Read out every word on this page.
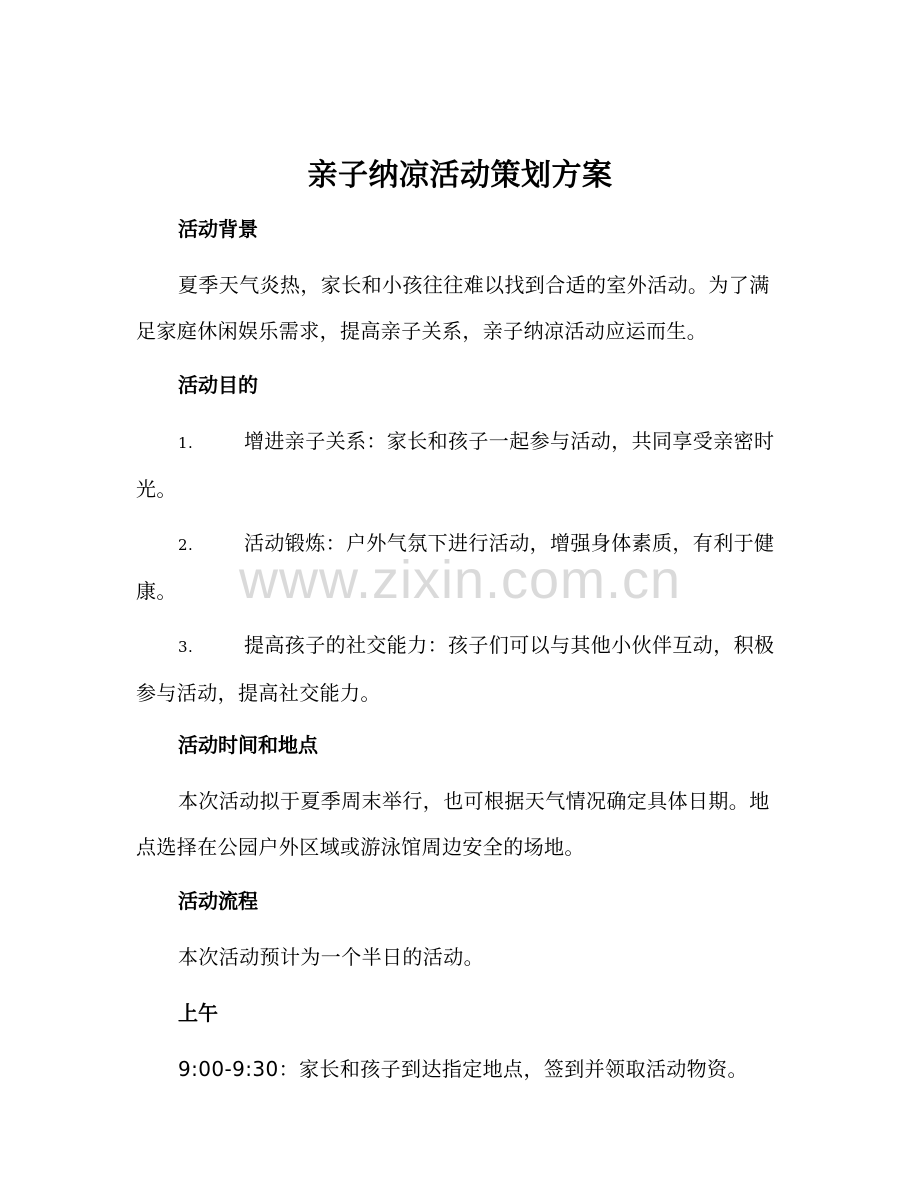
亲子纳凉活动策划方案
活动背景
夏季天气炎热，家长和小孩往往难以找到合适的室外活动。为了满足家庭休闲娱乐需求，提高亲子关系，亲子纳凉活动应运而生。
活动目的
1.	增进亲子关系：家长和孩子一起参与活动，共同享受亲密时光。
2.	活动锻炼：户外气氛下进行活动，增强身体素质，有利于健康。
3.	提高孩子的社交能力：孩子们可以与其他小伙伴互动，积极参与活动，提高社交能力。
活动时间和地点
本次活动拟于夏季周末举行，也可根据天气情况确定具体日期。地点选择在公园户外区域或游泳馆周边安全的场地。
活动流程
本次活动预计为一个半日的活动。
上午
9:00-9:30：家长和孩子到达指定地点，签到并领取活动物资。
www.zixin.com.cn
